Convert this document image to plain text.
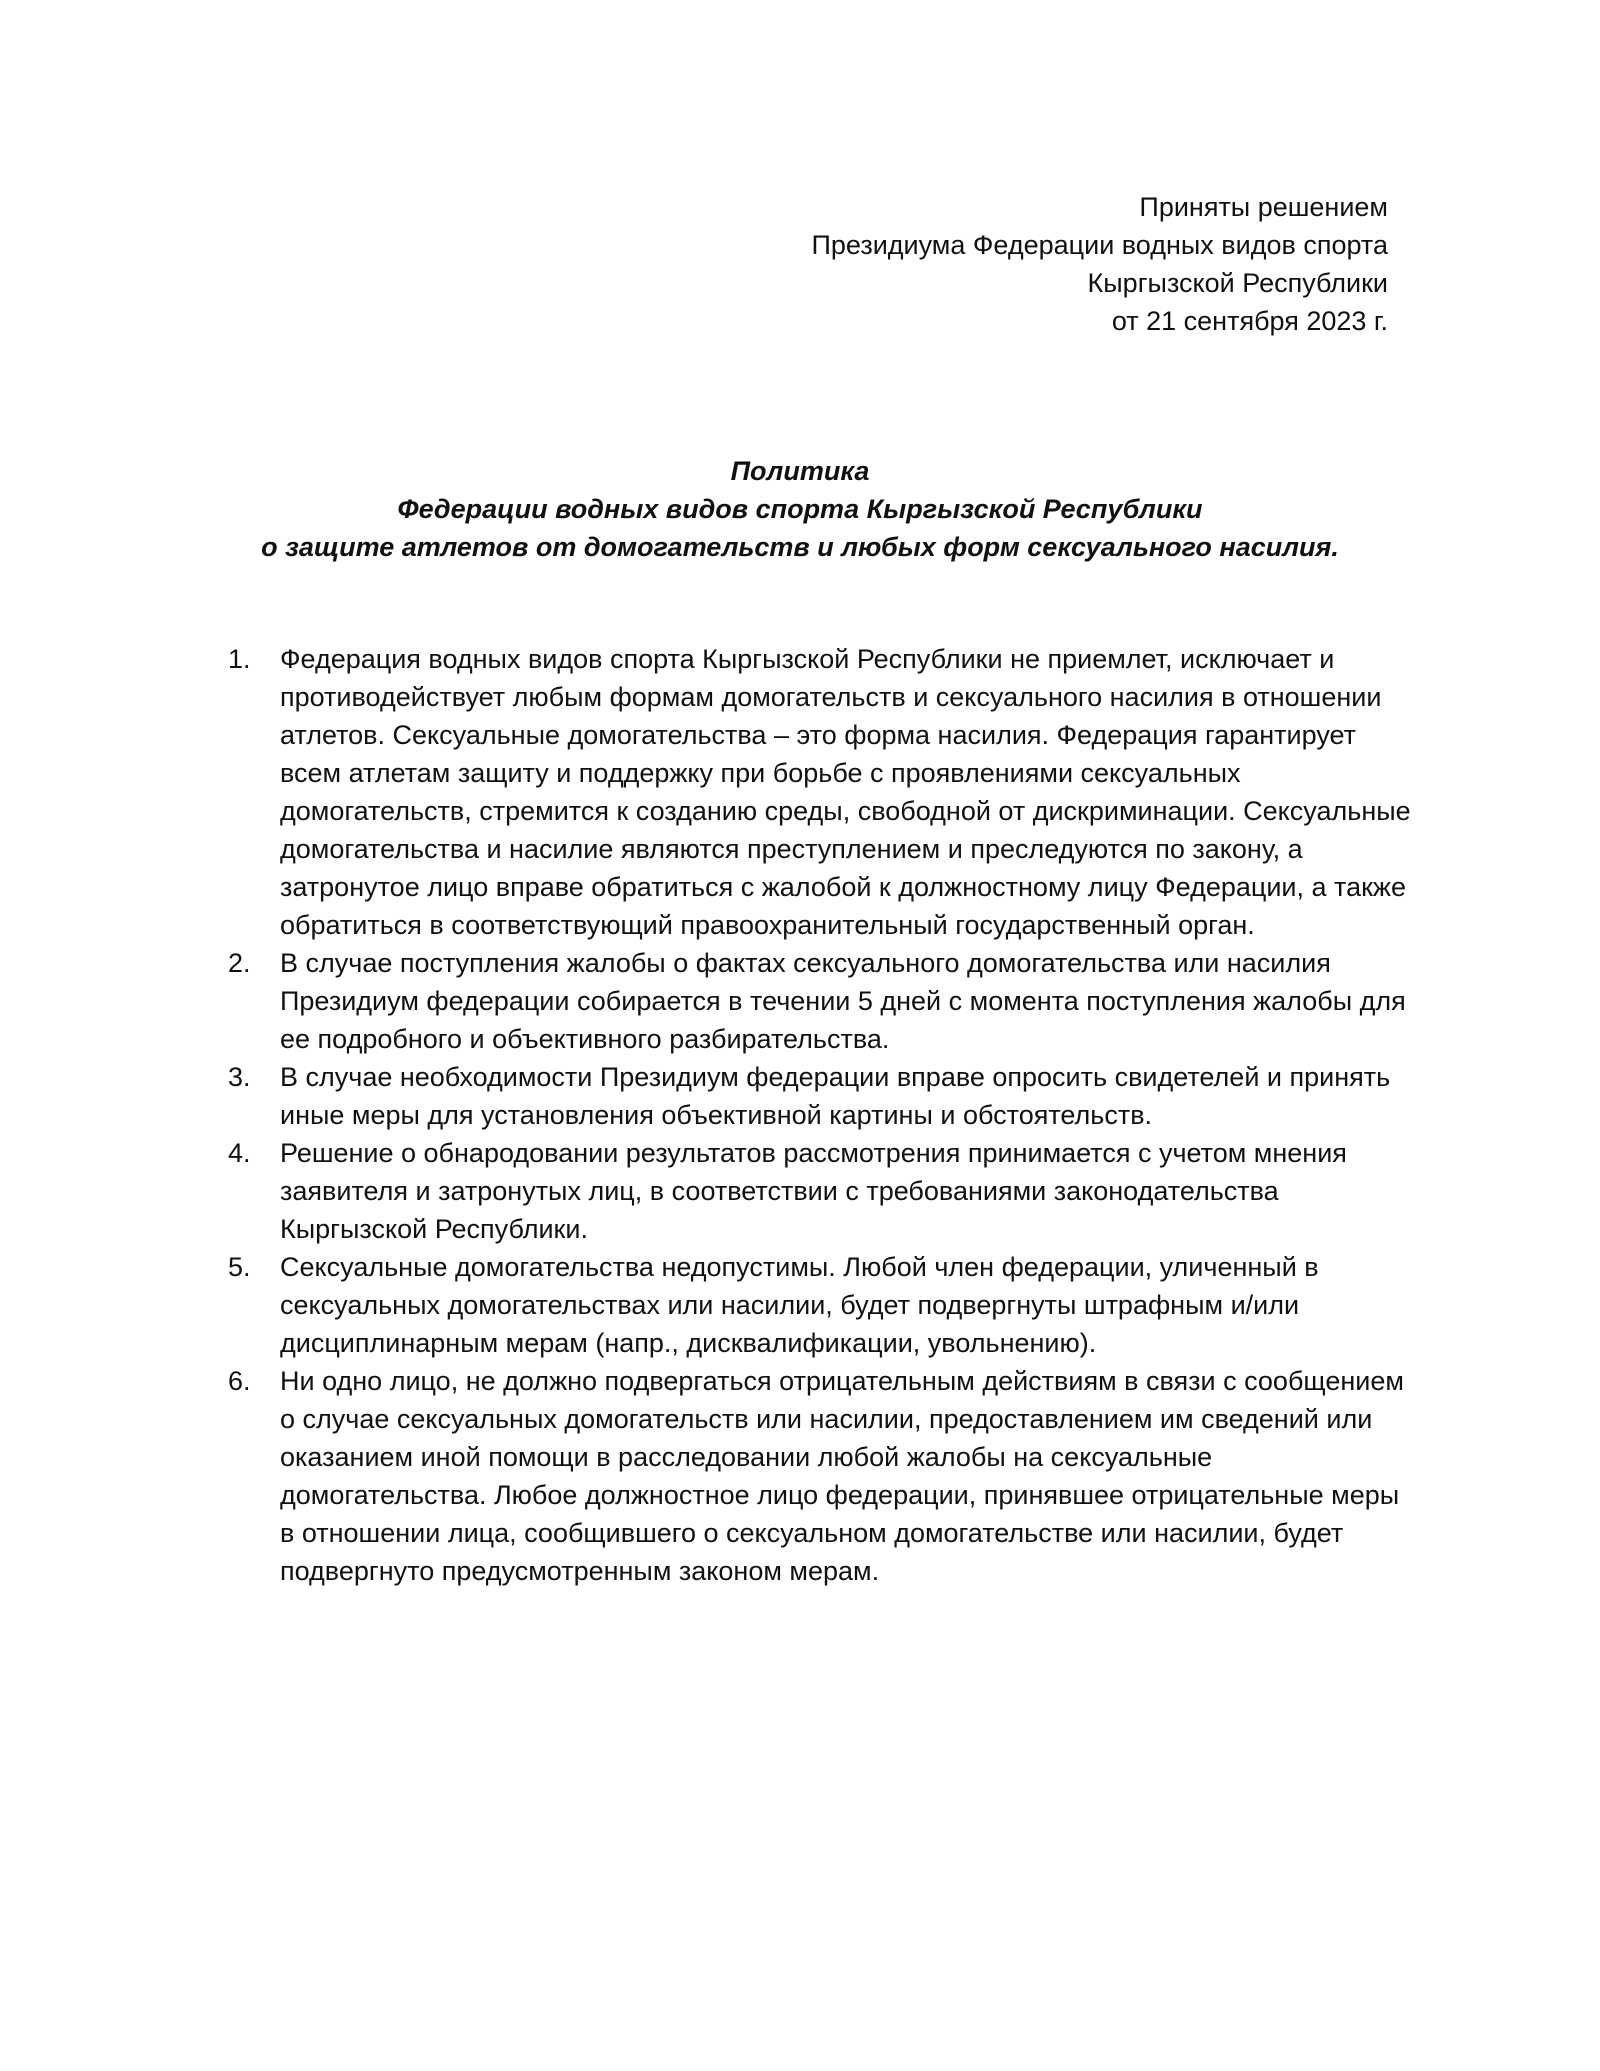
Приняты решением
Президиума Федерации водных видов спорта
Кыргызской Республики
от 21 сентября 2023 г.
Политика
Федерации водных видов спорта Кыргызской Республики
о защите атлетов от домогательств и любых форм сексуального насилия.
1.	Федерация водных видов спорта Кыргызской Республики не приемлет, исключает и противодействует любым формам домогательств и сексуального насилия в отношении атлетов. Сексуальные домогательства – это форма насилия. Федерация гарантирует всем атлетам защиту и поддержку при борьбе с проявлениями сексуальных домогательств, стремится к созданию среды, свободной от дискриминации. Сексуальные домогательства и насилие являются преступлением и преследуются по закону, а затронутое лицо вправе обратиться с жалобой к должностному лицу Федерации, а также обратиться в соответствующий правоохранительный государственный орган.
2.	В случае поступления жалобы о фактах сексуального домогательства или насилия Президиум федерации собирается в течении 5 дней с момента поступления жалобы для ее подробного и объективного разбирательства.
3.	В случае необходимости Президиум федерации вправе опросить свидетелей и принять иные меры для установления объективной картины и обстоятельств.
4.	Решение о обнародовании результатов рассмотрения принимается с учетом мнения заявителя и затронутых лиц, в соответствии с требованиями законодательства Кыргызской Республики.
5.	Сексуальные домогательства недопустимы. Любой член федерации, уличенный в сексуальных домогательствах или насилии, будет подвергнуты штрафным и/или дисциплинарным мерам (напр., дисквалификации, увольнению).
6.	Ни одно лицо, не должно подвергаться отрицательным действиям в связи с сообщением о случае сексуальных домогательств или насилии, предоставлением им сведений или оказанием иной помощи в расследовании любой жалобы на сексуальные домогательства. Любое должностное лицо федерации, принявшее отрицательные меры в отношении лица, сообщившего о сексуальном домогательстве или насилии, будет подвергнуто предусмотренным законом мерам.
